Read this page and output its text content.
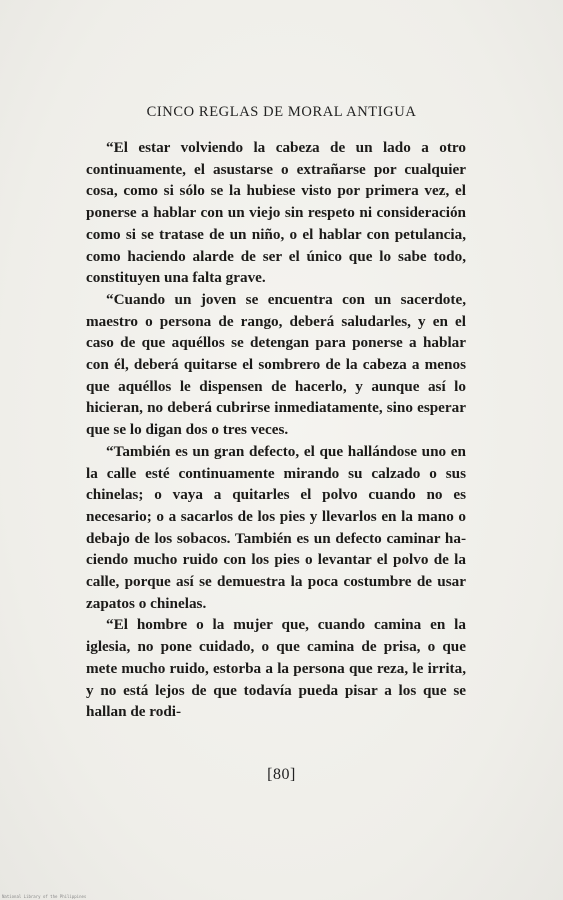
CINCO REGLAS DE MORAL ANTIGUA

“El estar volviendo la cabeza de un lado a otro continuamente, el asustarse o extrañarse por cualquier cosa, como si sólo se la hubiese visto por primera vez, el ponerse a hablar con un viejo sin respeto ni consideración como si se tratase de un niño, o el hablar con petulancia, como haciendo alarde de ser el único que lo sabe todo, constituyen una falta grave.

“Cuando un joven se encuentra con un sacerdote, maestro o persona de rango, deberá saludarles, y en el caso de que aquéllos se detengan para ponerse a hablar con él, deberá quitarse el sombrero de la cabeza a menos que aquéllos le dispensen de hacerlo, y aunque así lo hicieran, no deberá cubrirse inmediatamente, sino esperar que se lo digan dos o tres veces.

“También es un gran defecto, el que hallándose uno en la calle esté continuamente mirando su calzado o sus chinelas; o vaya a quitarles el polvo cuando no es necesario; o a sacarlos de los pies y llevarlos en la mano o debajo de los sobacos. También es un defecto caminar haciendo mucho ruido con los pies o levantar el polvo de la calle, porque así se demuestra la poca costumbre de usar zapatos o chinelas.

“El hombre o la mujer que, cuando camina en la iglesia, no pone cuidado, o que camina de prisa, o que mete mucho ruido, estorba a la persona que reza, le irrita, y no está lejos de que todavía pueda pisar a los que se hallan de rodi-

[80]
National Library of the Philippines
